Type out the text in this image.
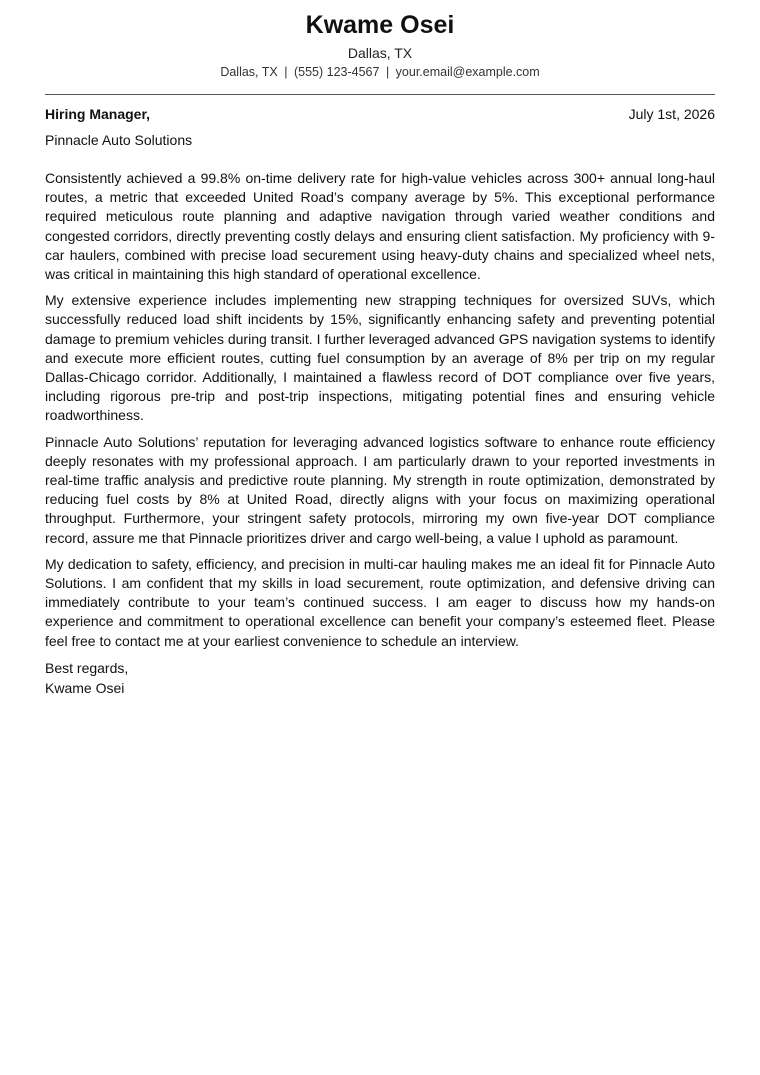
Kwame Osei
Dallas, TX
Dallas, TX | (555) 123-4567 | your.email@example.com
Hiring Manager,	July 1st, 2026
Pinnacle Auto Solutions

Consistently achieved a 99.8% on-time delivery rate for high-value vehicles across 300+ annual long-haul routes, a metric that exceeded United Road’s company average by 5%. This exceptional performance required meticulous route planning and adaptive navigation through varied weather conditions and congested corridors, directly preventing costly delays and ensuring client satisfaction. My proficiency with 9-car haulers, combined with precise load securement using heavy-duty chains and specialized wheel nets, was critical in maintaining this high standard of operational excellence.

My extensive experience includes implementing new strapping techniques for oversized SUVs, which successfully reduced load shift incidents by 15%, significantly enhancing safety and preventing potential damage to premium vehicles during transit. I further leveraged advanced GPS navigation systems to identify and execute more efficient routes, cutting fuel consumption by an average of 8% per trip on my regular Dallas-Chicago corridor. Additionally, I maintained a flawless record of DOT compliance over five years, including rigorous pre-trip and post-trip inspections, mitigating potential fines and ensuring vehicle roadworthiness.

Pinnacle Auto Solutions’ reputation for leveraging advanced logistics software to enhance route efficiency deeply resonates with my professional approach. I am particularly drawn to your reported investments in real-time traffic analysis and predictive route planning. My strength in route optimization, demonstrated by reducing fuel costs by 8% at United Road, directly aligns with your focus on maximizing operational throughput. Furthermore, your stringent safety protocols, mirroring my own five-year DOT compliance record, assure me that Pinnacle prioritizes driver and cargo well-being, a value I uphold as paramount.

My dedication to safety, efficiency, and precision in multi-car hauling makes me an ideal fit for Pinnacle Auto Solutions. I am confident that my skills in load securement, route optimization, and defensive driving can immediately contribute to your team’s continued success. I am eager to discuss how my hands-on experience and commitment to operational excellence can benefit your company’s esteemed fleet. Please feel free to contact me at your earliest convenience to schedule an interview.

Best regards,
Kwame Osei
